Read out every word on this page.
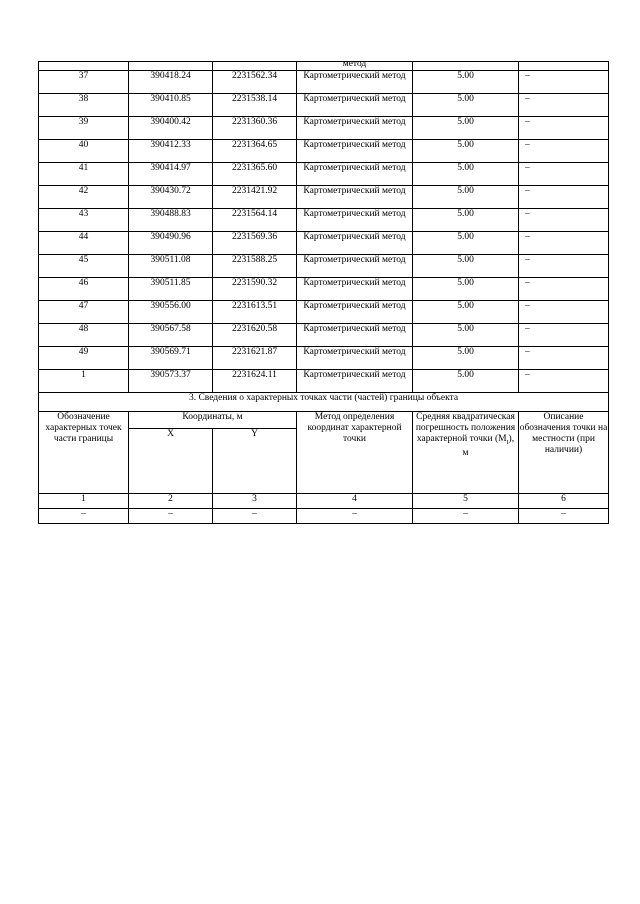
			метод		

37	390418.24	2231562.34	Картометрический метод	5.00	–
38	390410.85	2231538.14	Картометрический метод	5.00	–
39	390400.42	2231360.36	Картометрический метод	5.00	–
40	390412.33	2231364.65	Картометрический метод	5.00	–
41	390414.97	2231365.60	Картометрический метод	5.00	–
42	390430.72	2231421.92	Картометрический метод	5.00	–
43	390488.83	2231564.14	Картометрический метод	5.00	–
44	390490.96	2231569.36	Картометрический метод	5.00	–
45	390511.08	2231588.25	Картометрический метод	5.00	–
46	390511.85	2231590.32	Картометрический метод	5.00	–
47	390556.00	2231613.51	Картометрический метод	5.00	–
48	390567.58	2231620.58	Картометрический метод	5.00	–
49	390569.71	2231621.87	Картометрический метод	5.00	–
1	390573.37	2231624.11	Картометрический метод	5.00	–
3. Сведения о характерных точках части (частей) границы объекта					
Обозначение характерных точек части границы	Координаты, м		Метод определения координат характерной точки	Средняя квадратическая погрешность положения характерной точки $(M_t)$, м	Описание обозначения точки на местности (при наличии)
	X	Y			
1	2	3	4	5	6
–	–	–	–	–	–
